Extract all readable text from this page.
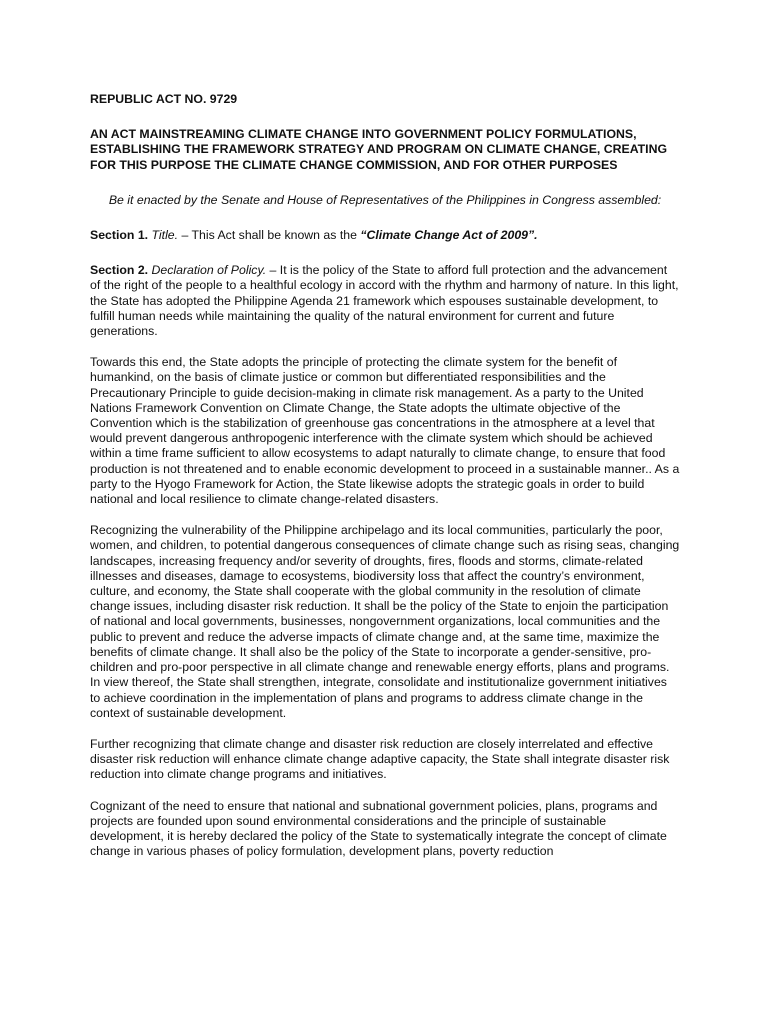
REPUBLIC ACT NO. 9729
AN ACT MAINSTREAMING CLIMATE CHANGE INTO GOVERNMENT POLICY FORMULATIONS, ESTABLISHING THE FRAMEWORK STRATEGY AND PROGRAM ON CLIMATE CHANGE, CREATING FOR THIS PURPOSE THE CLIMATE CHANGE COMMISSION, AND FOR OTHER PURPOSES
Be it enacted by the Senate and House of Representatives of the Philippines in Congress assembled:
Section 1. Title. – This Act shall be known as the “Climate Change Act of 2009”.
Section 2. Declaration of Policy. – It is the policy of the State to afford full protection and the advancement of the right of the people to a healthful ecology in accord with the rhythm and harmony of nature. In this light, the State has adopted the Philippine Agenda 21 framework which espouses sustainable development, to fulfill human needs while maintaining the quality of the natural environment for current and future generations.
Towards this end, the State adopts the principle of protecting the climate system for the benefit of humankind, on the basis of climate justice or common but differentiated responsibilities and the Precautionary Principle to guide decision-making in climate risk management. As a party to the United Nations Framework Convention on Climate Change, the State adopts the ultimate objective of the Convention which is the stabilization of greenhouse gas concentrations in the atmosphere at a level that would prevent dangerous anthropogenic interference with the climate system which should be achieved within a time frame sufficient to allow ecosystems to adapt naturally to climate change, to ensure that food production is not threatened and to enable economic development to proceed in a sustainable manner.. As a party to the Hyogo Framework for Action, the State likewise adopts the strategic goals in order to build national and local resilience to climate change-related disasters.
Recognizing the vulnerability of the Philippine archipelago and its local communities, particularly the poor, women, and children, to potential dangerous consequences of climate change such as rising seas, changing landscapes, increasing frequency and/or severity of droughts, fires, floods and storms, climate-related illnesses and diseases, damage to ecosystems, biodiversity loss that affect the country’s environment, culture, and economy, the State shall cooperate with the global community in the resolution of climate change issues, including disaster risk reduction. It shall be the policy of the State to enjoin the participation of national and local governments, businesses, nongovernment organizations, local communities and the public to prevent and reduce the adverse impacts of climate change and, at the same time, maximize the benefits of climate change. It shall also be the policy of the State to incorporate a gender-sensitive, pro-children and pro-poor perspective in all climate change and renewable energy efforts, plans and programs. In view thereof, the State shall strengthen, integrate, consolidate and institutionalize government initiatives to achieve coordination in the implementation of plans and programs to address climate change in the context of sustainable development.
Further recognizing that climate change and disaster risk reduction are closely interrelated and effective disaster risk reduction will enhance climate change adaptive capacity, the State shall integrate disaster risk reduction into climate change programs and initiatives.
Cognizant of the need to ensure that national and subnational government policies, plans, programs and projects are founded upon sound environmental considerations and the principle of sustainable development, it is hereby declared the policy of the State to systematically integrate the concept of climate change in various phases of policy formulation, development plans, poverty reduction
